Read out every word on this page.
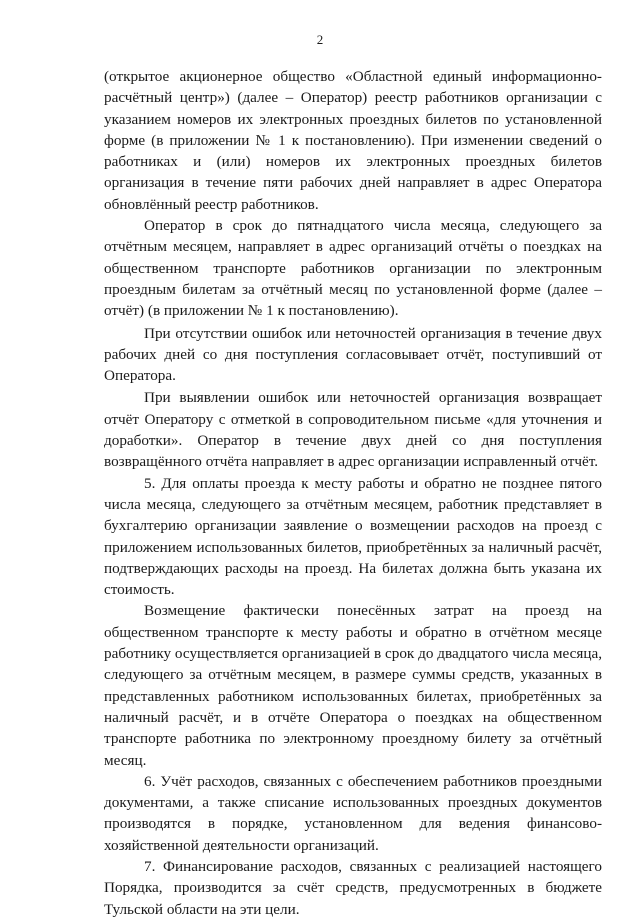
2

(открытое акционерное общество «Областной единый информационно-расчётный центр») (далее – Оператор) реестр работников организации с указанием номеров их электронных проездных билетов по установленной форме (в приложении № 1 к постановлению). При изменении сведений о работниках и (или) номеров их электронных проездных билетов организация в течение пяти рабочих дней направляет в адрес Оператора обновлённый реестр работников.

Оператор в срок до пятнадцатого числа месяца, следующего за отчётным месяцем, направляет в адрес организаций отчёты о поездках на общественном транспорте работников организации по электронным проездным билетам за отчётный месяц по установленной форме (далее – отчёт) (в приложении № 1 к постановлению).

При отсутствии ошибок или неточностей организация в течение двух рабочих дней со дня поступления согласовывает отчёт, поступивший от Оператора.

При выявлении ошибок или неточностей организация возвращает отчёт Оператору с отметкой в сопроводительном письме «для уточнения и доработки». Оператор в течение двух дней со дня поступления возвращённого отчёта направляет в адрес организации исправленный отчёт.

5. Для оплаты проезда к месту работы и обратно не позднее пятого числа месяца, следующего за отчётным месяцем, работник представляет в бухгалтерию организации заявление о возмещении расходов на проезд с приложением использованных билетов, приобретённых за наличный расчёт, подтверждающих расходы на проезд. На билетах должна быть указана их стоимость.

Возмещение фактически понесённых затрат на проезд на общественном транспорте к месту работы и обратно в отчётном месяце работнику осуществляется организацией в срок до двадцатого числа месяца, следующего за отчётным месяцем, в размере суммы средств, указанных в представленных работником использованных билетах, приобретённых за наличный расчёт, и в отчёте Оператора о поездках на общественном транспорте работника по электронному проездному билету за отчётный месяц.

6. Учёт расходов, связанных с обеспечением работников проездными документами, а также списание использованных проездных документов производятся в порядке, установленном для ведения финансово-хозяйственной деятельности организаций.

7. Финансирование расходов, связанных с реализацией настоящего Порядка, производится за счёт средств, предусмотренных в бюджете Тульской области на эти цели.
